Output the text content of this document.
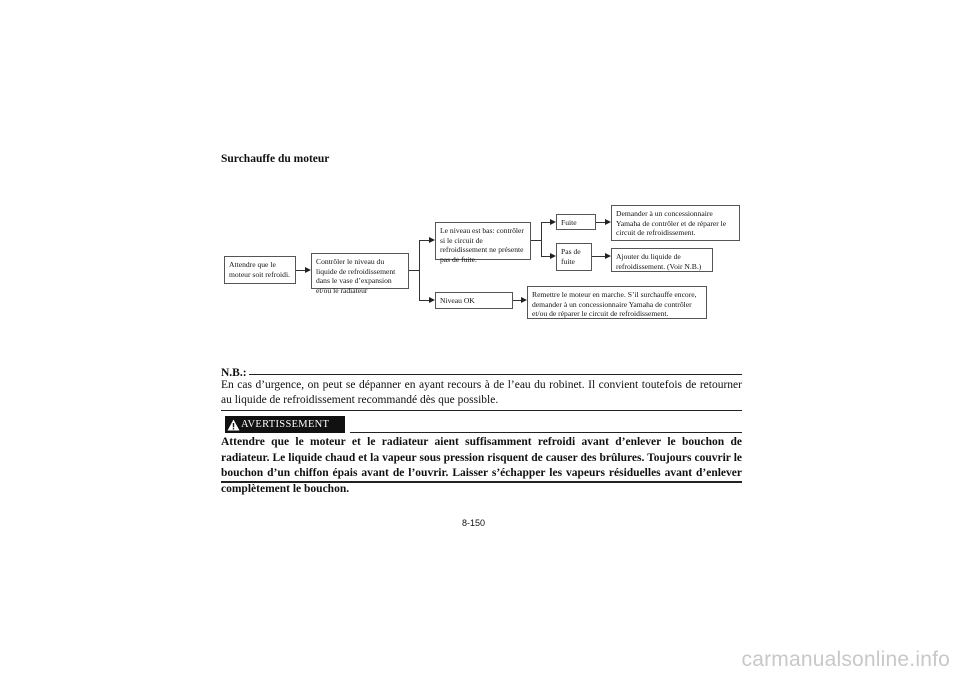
Surchauffe du moteur
Attendre que le moteur soit refroidi.
Contrôler le niveau du liquide de refroidissement dans le vase d’expansion et/ou le radiateur
Le niveau est bas: contrôler si le circuit de refroidissement ne présente pas de fuite.
Niveau OK
Fuite
Pas de fuite
Demander à un concessionnaire Yamaha de contrôler et de réparer le circuit de refroidissement.
Ajouter du liquide de refroidissement. (Voir N.B.)
Remettre le moteur en marche. S’il surchauffe encore, demander à un concessionnaire Yamaha de contrôler et/ou de réparer le circuit de refroidissement.
N.B.:
En cas d’urgence, on peut se dépanner en ayant recours à de l’eau du robinet. Il convient toutefois de retourner au liquide de refroidissement recommandé dès que possible.
AVERTISSEMENT
Attendre que le moteur et le radiateur aient suffisamment refroidi avant d’enlever le bouchon de radiateur. Le liquide chaud et la vapeur sous pression risquent de causer des brûlures. Toujours couvrir le bouchon d’un chiffon épais avant de l’ouvrir. Laisser s’échapper les vapeurs résiduelles avant d’enlever complètement le bouchon.
8-150
carmanualsonline.info
